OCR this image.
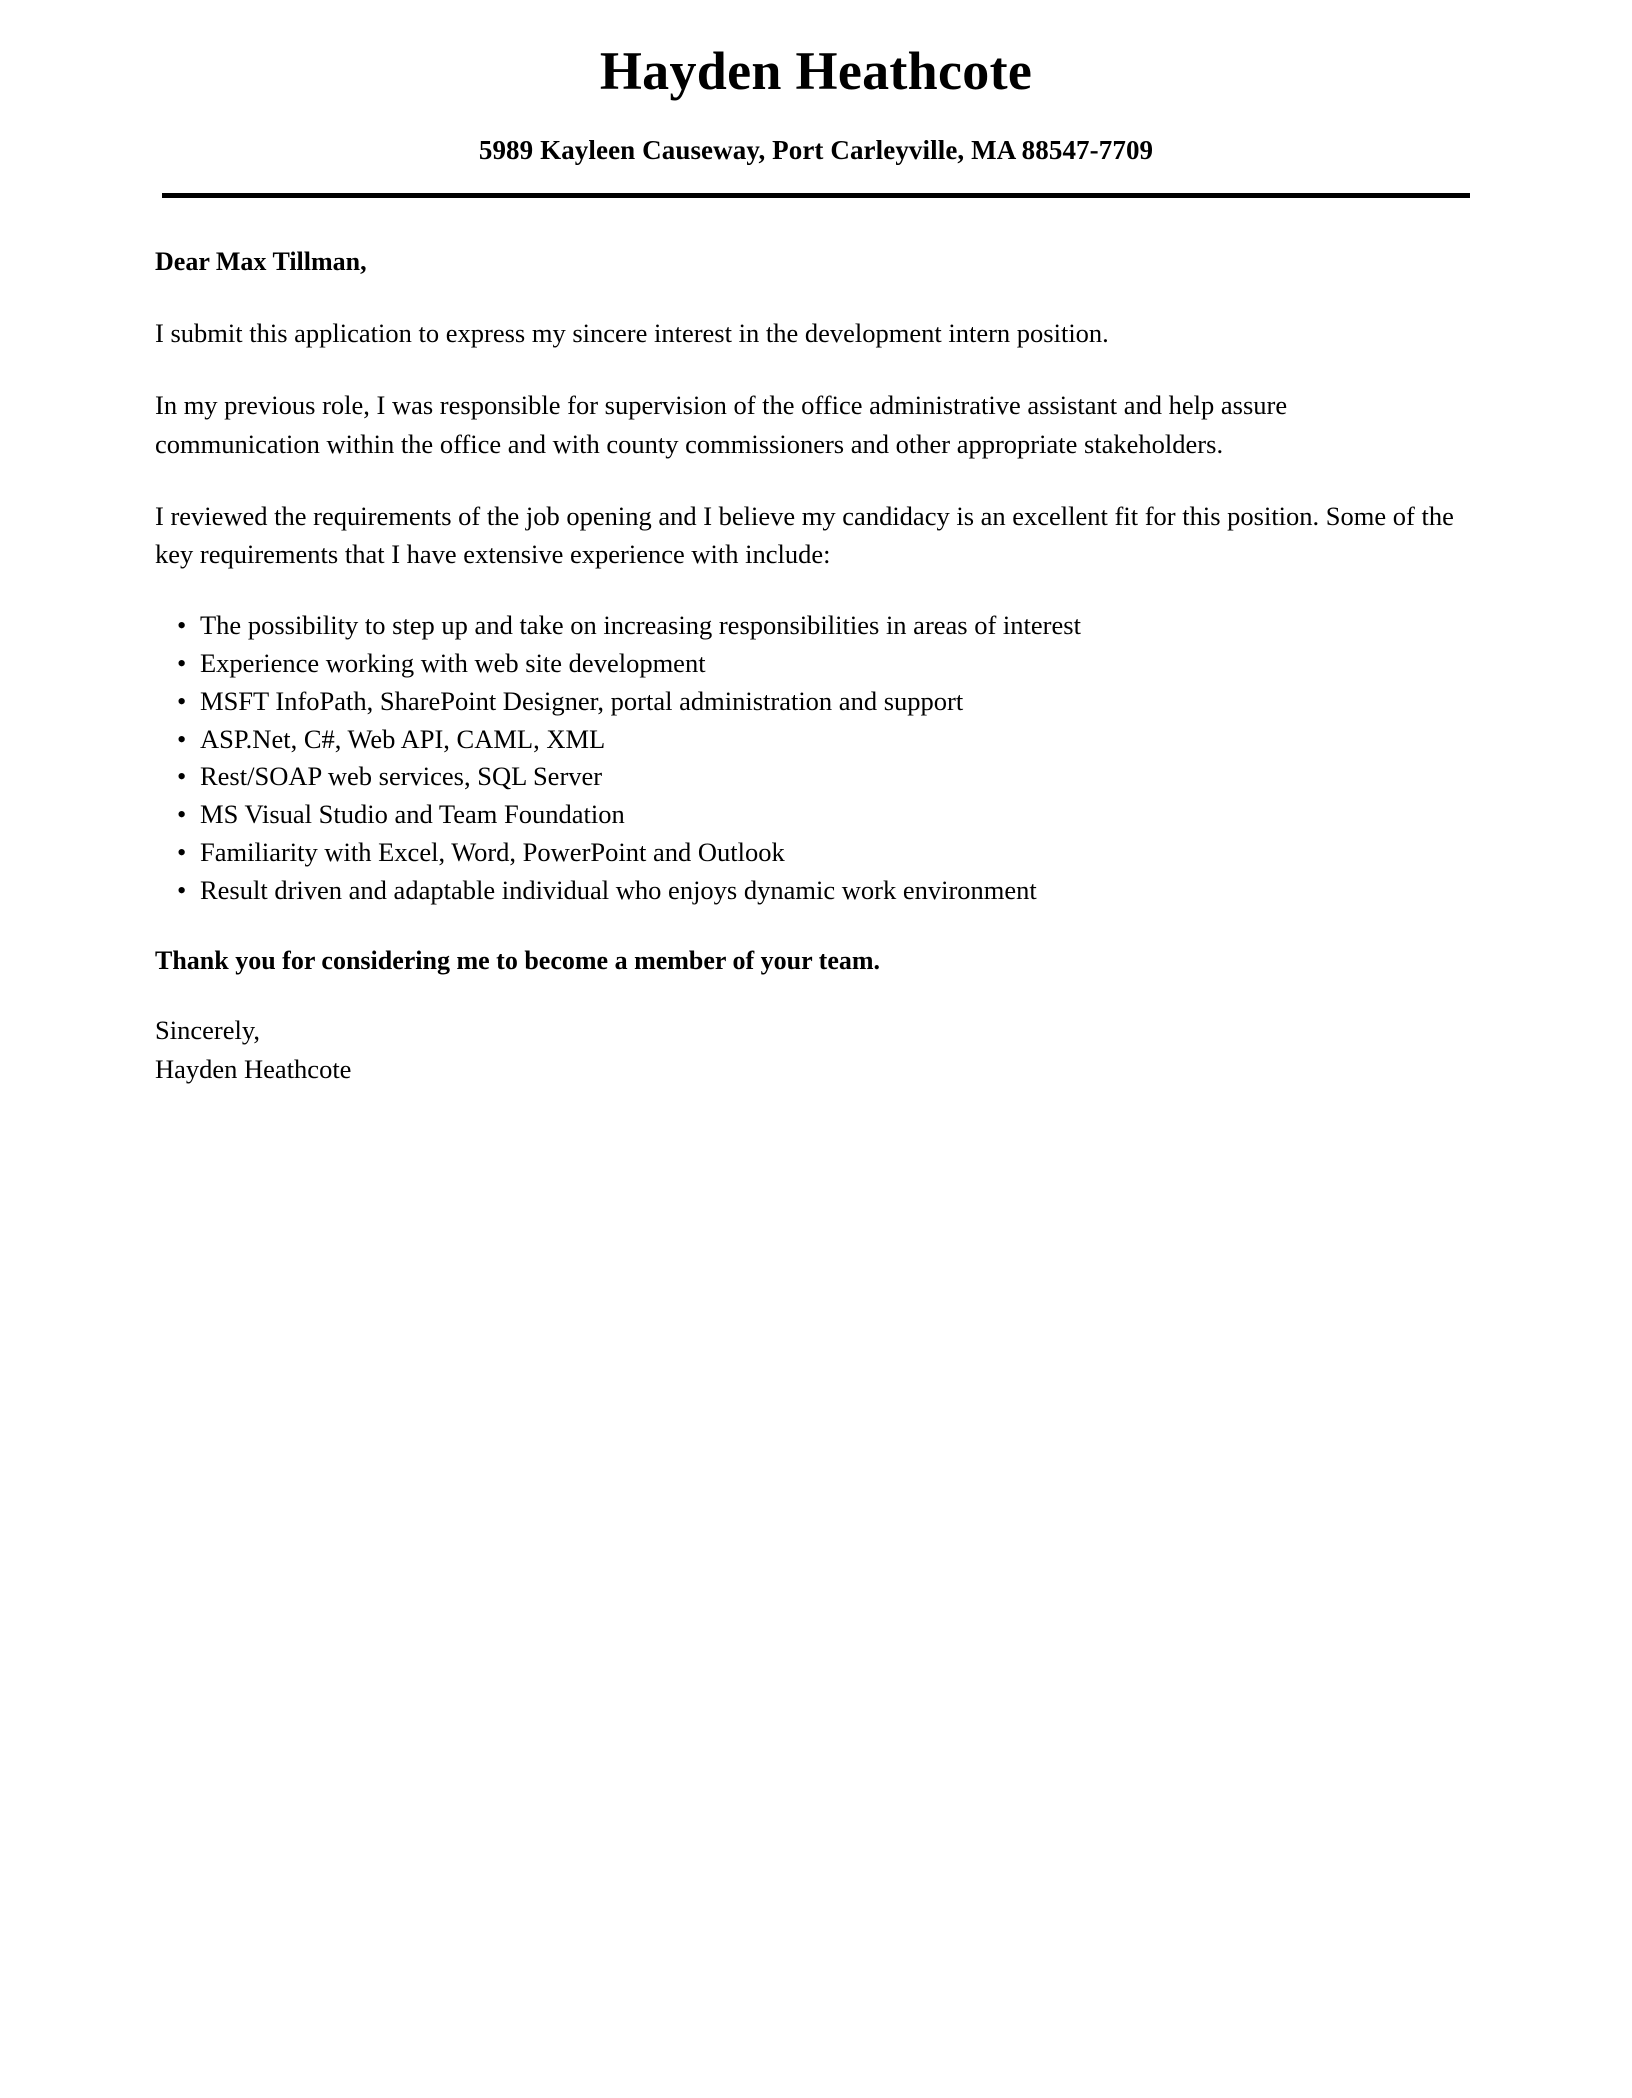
Hayden Heathcote
5989 Kayleen Causeway, Port Carleyville, MA 88547-7709

Dear Max Tillman,

I submit this application to express my sincere interest in the development intern position.

In my previous role, I was responsible for supervision of the office administrative assistant and help assure communication within the office and with county commissioners and other appropriate stakeholders.

I reviewed the requirements of the job opening and I believe my candidacy is an excellent fit for this position. Some of the key requirements that I have extensive experience with include:

• The possibility to step up and take on increasing responsibilities in areas of interest
• Experience working with web site development
• MSFT InfoPath, SharePoint Designer, portal administration and support
• ASP.Net, C#, Web API, CAML, XML
• Rest/SOAP web services, SQL Server
• MS Visual Studio and Team Foundation
• Familiarity with Excel, Word, PowerPoint and Outlook
• Result driven and adaptable individual who enjoys dynamic work environment

Thank you for considering me to become a member of your team.

Sincerely,
Hayden Heathcote
